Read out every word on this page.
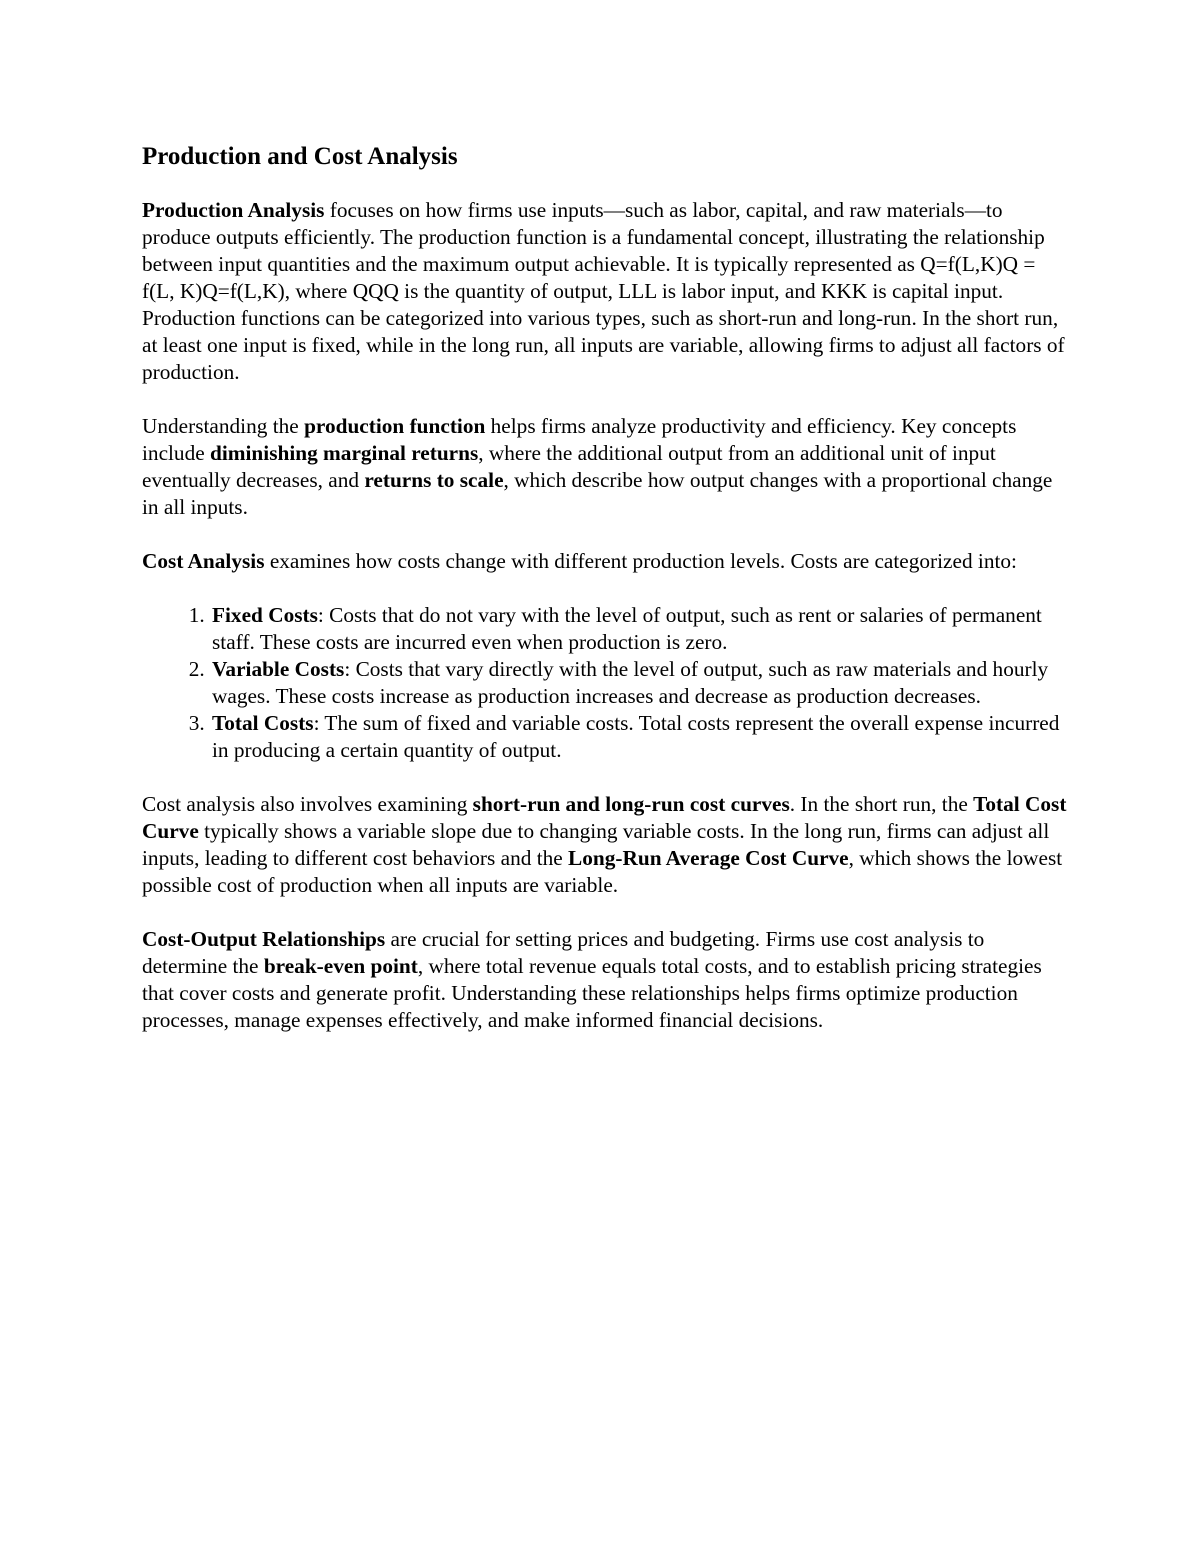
Production and Cost Analysis

Production Analysis focuses on how firms use inputs—such as labor, capital, and raw materials—to produce outputs efficiently. The production function is a fundamental concept, illustrating the relationship between input quantities and the maximum output achievable. It is typically represented as Q=f(L,K)Q = f(L, K)Q=f(L,K), where QQQ is the quantity of output, LLL is labor input, and KKK is capital input. Production functions can be categorized into various types, such as short-run and long-run. In the short run, at least one input is fixed, while in the long run, all inputs are variable, allowing firms to adjust all factors of production.

Understanding the production function helps firms analyze productivity and efficiency. Key concepts include diminishing marginal returns, where the additional output from an additional unit of input eventually decreases, and returns to scale, which describe how output changes with a proportional change in all inputs.

Cost Analysis examines how costs change with different production levels. Costs are categorized into:

1. Fixed Costs: Costs that do not vary with the level of output, such as rent or salaries of permanent staff. These costs are incurred even when production is zero.
2. Variable Costs: Costs that vary directly with the level of output, such as raw materials and hourly wages. These costs increase as production increases and decrease as production decreases.
3. Total Costs: The sum of fixed and variable costs. Total costs represent the overall expense incurred in producing a certain quantity of output.

Cost analysis also involves examining short-run and long-run cost curves. In the short run, the Total Cost Curve typically shows a variable slope due to changing variable costs. In the long run, firms can adjust all inputs, leading to different cost behaviors and the Long-Run Average Cost Curve, which shows the lowest possible cost of production when all inputs are variable.

Cost-Output Relationships are crucial for setting prices and budgeting. Firms use cost analysis to determine the break-even point, where total revenue equals total costs, and to establish pricing strategies that cover costs and generate profit. Understanding these relationships helps firms optimize production processes, manage expenses effectively, and make informed financial decisions.
